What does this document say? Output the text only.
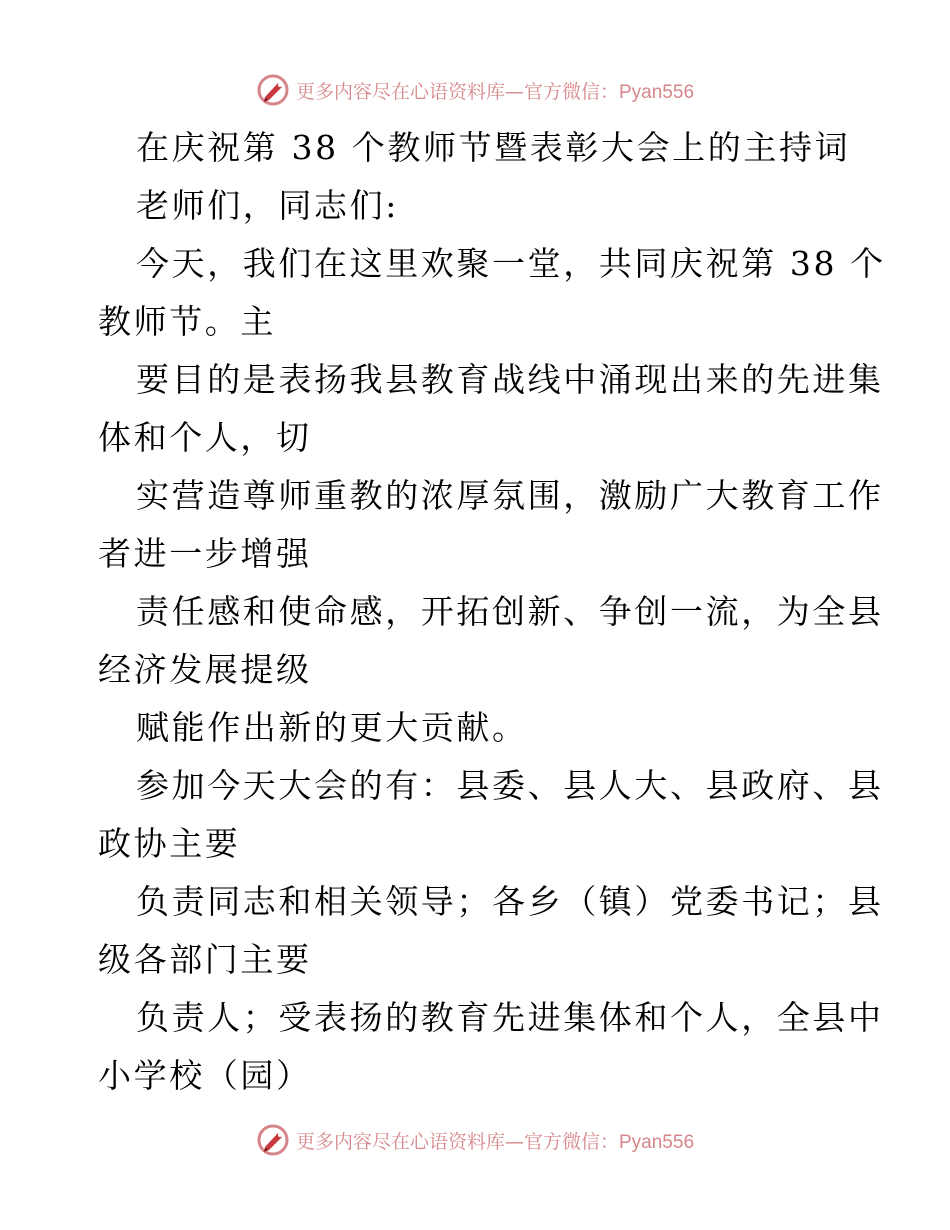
更多内容尽在心语资料库—官方微信：Pyan556
在庆祝第 38 个教师节暨表彰大会上的主持词
老师们，同志们:
今天，我们在这里欢聚一堂，共同庆祝第 38 个
教师节。主
要目的是表扬我县教育战线中涌现出来的先进集
体和个人，切
实营造尊师重教的浓厚氛围，激励广大教育工作
者进一步增强
责任感和使命感，开拓创新、争创一流，为全县
经济发展提级
赋能作出新的更大贡献。
参加今天大会的有：县委、县人大、县政府、县
政协主要
负责同志和相关领导；各乡（镇）党委书记；县
级各部门主要
负责人；受表扬的教育先进集体和个人，全县中
小学校（园）
更多内容尽在心语资料库—官方微信：Pyan556
